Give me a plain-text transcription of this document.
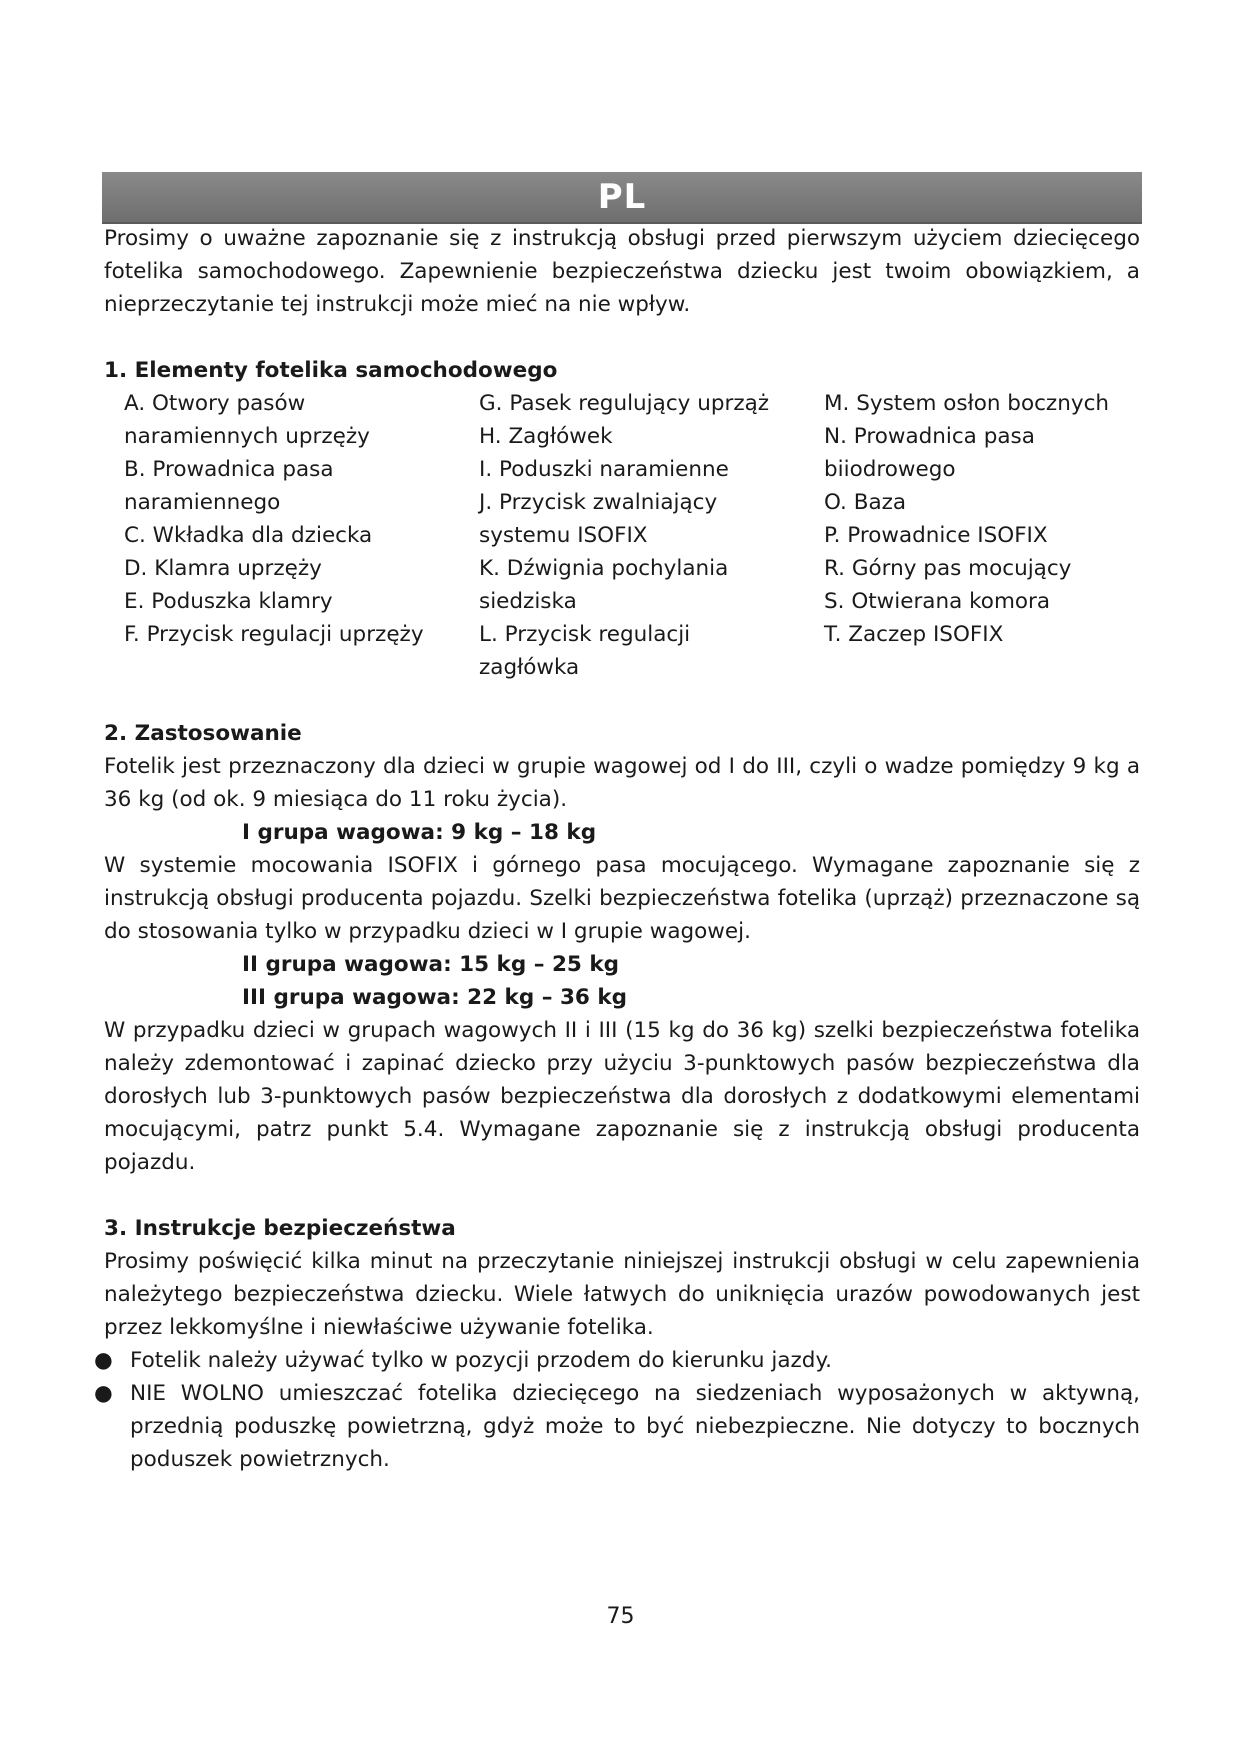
PL

Prosimy o uważne zapoznanie się z instrukcją obsługi przed pierwszym użyciem dziecięcego fotelika samochodowego. Zapewnienie bezpieczeństwa dziecku jest twoim obowiązkiem, a nieprzeczytanie tej instrukcji może mieć na nie wpływ.

1. Elementy fotelika samochodowego
A. Otwory pasów
naramiennych uprzęży
B. Prowadnica pasa
naramiennego
C. Wkładka dla dziecka
D. Klamra uprzęży
E. Poduszka klamry
F. Przycisk regulacji uprzęży
G. Pasek regulujący uprząż
H. Zagłówek
I. Poduszki naramienne
J. Przycisk zwalniający
systemu ISOFIX
K. Dźwignia pochylania
siedziska
L. Przycisk regulacji
zagłówka
M. System osłon bocznych
N. Prowadnica pasa
biiodrowego
O. Baza
P. Prowadnice ISOFIX
R. Górny pas mocujący
S. Otwierana komora
T. Zaczep ISOFIX
2. Zastosowanie

Fotelik jest przeznaczony dla dzieci w grupie wagowej od I do III, czyli o wadze pomiędzy 9 kg a 36 kg (od ok. 9 miesiąca do 11 roku życia).

I grupa wagowa: 9 kg – 18 kg

W systemie mocowania ISOFIX i górnego pasa mocującego. Wymagane zapoznanie się z instrukcją obsługi producenta pojazdu. Szelki bezpieczeństwa fotelika (uprząż) przeznaczone są do stosowania tylko w przypadku dzieci w I grupie wagowej.

II grupa wagowa: 15 kg – 25 kg

III grupa wagowa: 22 kg – 36 kg

W przypadku dzieci w grupach wagowych II i III (15 kg do 36 kg) szelki bezpieczeństwa fotelika należy zdemontować i zapinać dziecko przy użyciu 3-punktowych pasów bezpieczeństwa dla dorosłych lub 3-punktowych pasów bezpieczeństwa dla dorosłych z dodatkowymi elementami mocującymi, patrz punkt 5.4. Wymagane zapoznanie się z instrukcją obsługi producenta pojazdu.

3. Instrukcje bezpieczeństwa

Prosimy poświęcić kilka minut na przeczytanie niniejszej instrukcji obsługi w celu zapewnienia należytego bezpieczeństwa dziecku. Wiele łatwych do uniknięcia urazów powodowanych jest przez lekkomyślne i niewłaściwe używanie fotelika.

● Fotelik należy używać tylko w pozycji przodem do kierunku jazdy.
● NIE WOLNO umieszczać fotelika dziecięcego na siedzeniach wyposażonych w aktywną, przednią poduszkę powietrzną, gdyż może to być niebezpieczne. Nie dotyczy to bocznych poduszek powietrznych.
75
